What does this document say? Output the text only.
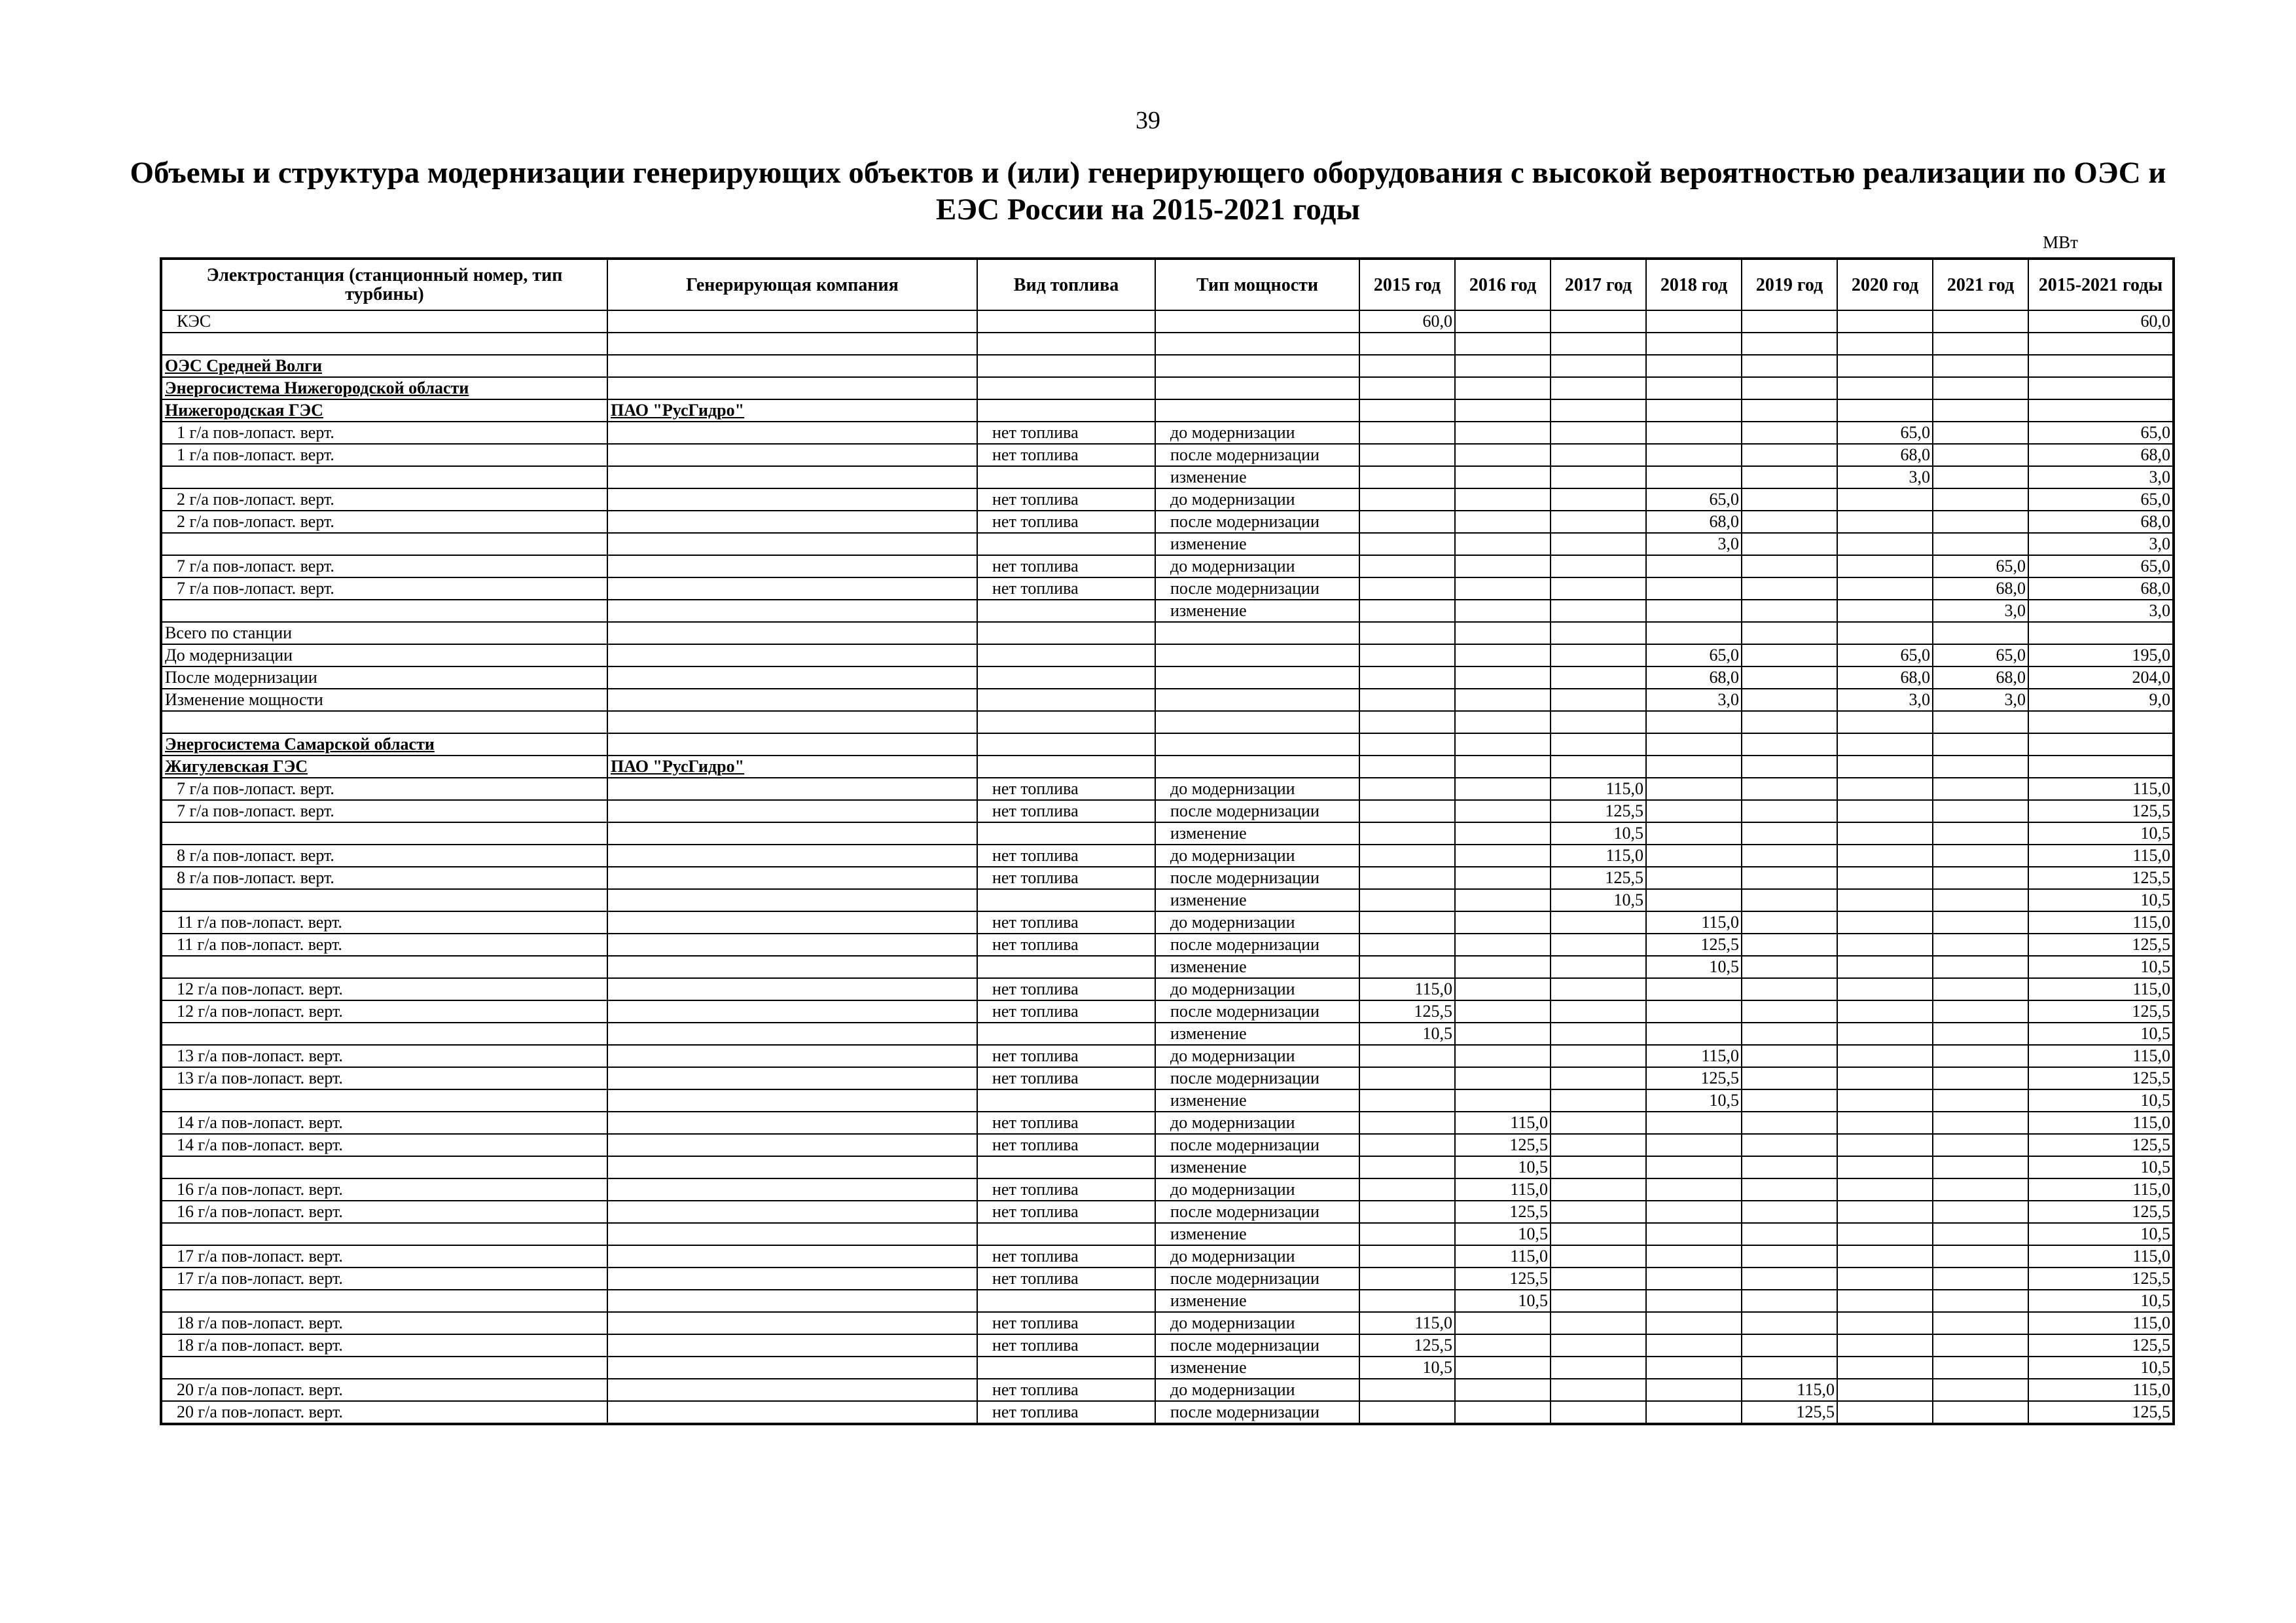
39
Объемы и структура модернизации генерирующих объектов и (или) генерирующего оборудования с высокой вероятностью реализации по ОЭС и ЕЭС России на 2015-2021 годы
МВт
Электростанция (станционный номер, тип турбины)	Генерирующая компания	Вид топлива	Тип мощности	2015 год	2016 год	2017 год	2018 год	2019 год	2020 год	2021 год	2015-2021 годы
КЭС				60,0							60,0

ОЭС Средней Волги											
Энергосистема Нижегородской области											
Нижегородская ГЭС	ПАО "РусГидро"										
1 г/а пов-лопаст. верт.		нет топлива	до модернизации						65,0		65,0
1 г/а пов-лопаст. верт.		нет топлива	после модернизации						68,0		68,0
			изменение						3,0		3,0
2 г/а пов-лопаст. верт.		нет топлива	до модернизации				65,0				65,0
2 г/а пов-лопаст. верт.		нет топлива	после модернизации				68,0				68,0
			изменение				3,0				3,0
7 г/а пов-лопаст. верт.		нет топлива	до модернизации							65,0	65,0
7 г/а пов-лопаст. верт.		нет топлива	после модернизации							68,0	68,0
			изменение							3,0	3,0
Всего по станции											
До модернизации							65,0		65,0	65,0	195,0
После модернизации							68,0		68,0	68,0	204,0
Изменение мощности							3,0		3,0	3,0	9,0

Энергосистема Самарской области											
Жигулевская ГЭС	ПАО "РусГидро"										
7 г/а пов-лопаст. верт.		нет топлива	до модернизации			115,0					115,0
7 г/а пов-лопаст. верт.		нет топлива	после модернизации			125,5					125,5
			изменение			10,5					10,5
8 г/а пов-лопаст. верт.		нет топлива	до модернизации			115,0					115,0
8 г/а пов-лопаст. верт.		нет топлива	после модернизации			125,5					125,5
			изменение			10,5					10,5
11 г/а пов-лопаст. верт.		нет топлива	до модернизации				115,0				115,0
11 г/а пов-лопаст. верт.		нет топлива	после модернизации				125,5				125,5
			изменение				10,5				10,5
12 г/а пов-лопаст. верт.		нет топлива	до модернизации	115,0							115,0
12 г/а пов-лопаст. верт.		нет топлива	после модернизации	125,5							125,5
			изменение	10,5							10,5
13 г/а пов-лопаст. верт.		нет топлива	до модернизации				115,0				115,0
13 г/а пов-лопаст. верт.		нет топлива	после модернизации				125,5				125,5
			изменение				10,5				10,5
14 г/а пов-лопаст. верт.		нет топлива	до модернизации		115,0						115,0
14 г/а пов-лопаст. верт.		нет топлива	после модернизации		125,5						125,5
			изменение		10,5						10,5
16 г/а пов-лопаст. верт.		нет топлива	до модернизации		115,0						115,0
16 г/а пов-лопаст. верт.		нет топлива	после модернизации		125,5						125,5
			изменение		10,5						10,5
17 г/а пов-лопаст. верт.		нет топлива	до модернизации		115,0						115,0
17 г/а пов-лопаст. верт.		нет топлива	после модернизации		125,5						125,5
			изменение		10,5						10,5
18 г/а пов-лопаст. верт.		нет топлива	до модернизации	115,0							115,0
18 г/а пов-лопаст. верт.		нет топлива	после модернизации	125,5							125,5
			изменение	10,5							10,5
20 г/а пов-лопаст. верт.		нет топлива	до модернизации					115,0			115,0
20 г/а пов-лопаст. верт.		нет топлива	после модернизации					125,5			125,5
